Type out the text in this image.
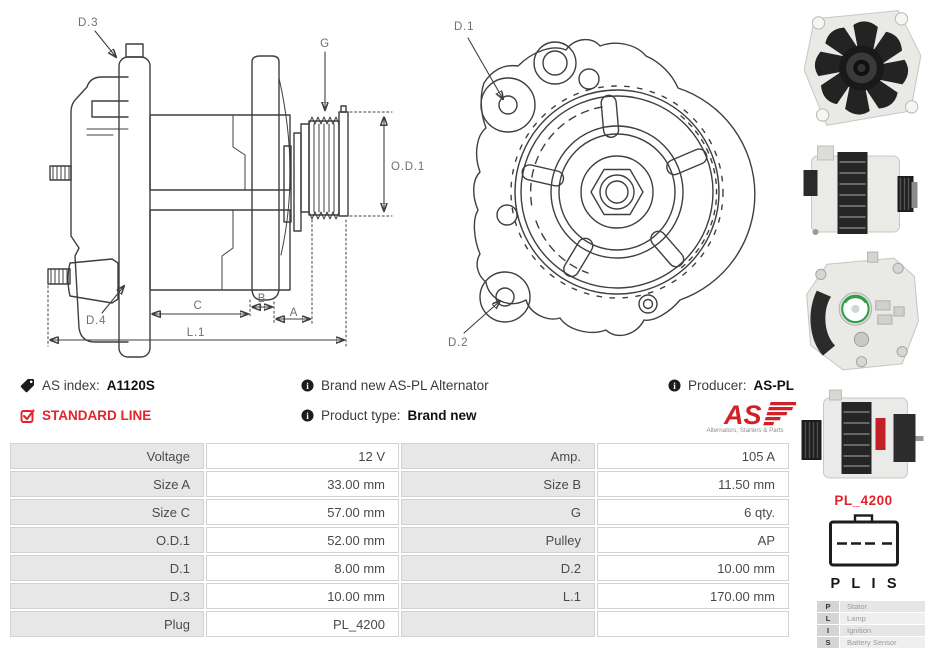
D.3
G
O.D.1
D.4
C
B
A
L.1
D.1
D.2
AS index: A1120S	i Brand new AS-PL Alternator	i Producer: AS-PL
STANDARD LINE	i Product type: Brand new	AS
Alternators, Starters & Parts
Voltage	12 V	Amp.	105 A
Size A	33.00 mm	Size B	11.50 mm
Size C	57.00 mm	G	6 qty.
O.D.1	52.00 mm	Pulley	AP
D.1	8.00 mm	D.2	10.00 mm
D.3	10.00 mm	L.1	170.00 mm
Plug	PL_4200
PL_4200
P L I S
P	Stator
L	Lamp
I	Ignition
S	Battery Sensor
